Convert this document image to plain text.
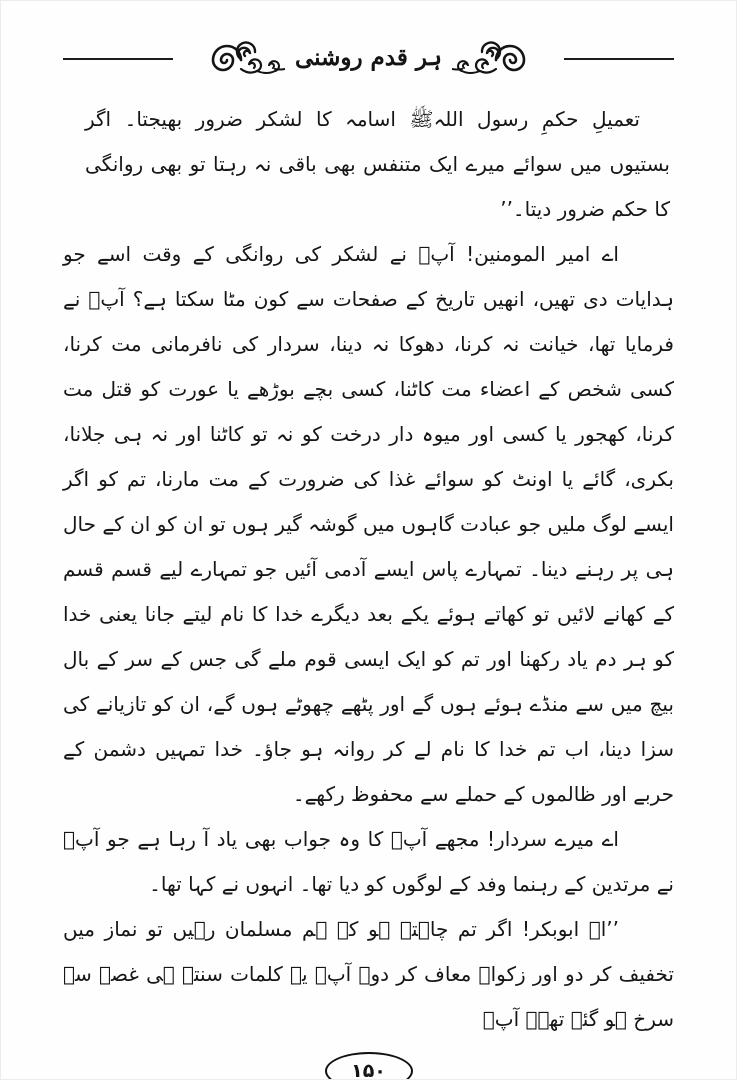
ہر قدم روشنی

تعمیلِ حکمِ رسول اللہﷺ اسامہ کا لشکر ضرور بھیجتا۔ اگر بستیوں میں سوائے میرے ایک متنفس بھی باقی نہ رہتا تو بھی روانگی کا حکم ضرور دیتا۔’’

اے امیر المومنین! آپؓ نے لشکر کی روانگی کے وقت اسے جو ہدایات دی تھیں، انھیں تاریخ کے صفحات سے کون مٹا سکتا ہے؟ آپؓ نے فرمایا تھا، خیانت نہ کرنا، دھوکا نہ دینا، سردار کی نافرمانی مت کرنا، کسی شخص کے اعضاء مت کاٹنا، کسی بچے بوڑھے یا عورت کو قتل مت کرنا، کھجور یا کسی اور میوہ دار درخت کو نہ تو کاٹنا اور نہ ہی جلانا، بکری، گائے یا اونٹ کو سوائے غذا کی ضرورت کے مت مارنا، تم کو اگر ایسے لوگ ملیں جو عبادت گاہوں میں گوشہ گیر ہوں تو ان کو ان کے حال ہی پر رہنے دینا۔ تمہارے پاس ایسے آدمی آئیں جو تمہارے لیے قسم قسم کے کھانے لائیں تو کھاتے ہوئے یکے بعد دیگرے خدا کا نام لیتے جانا یعنی خدا کو ہر دم یاد رکھنا اور تم کو ایک ایسی قوم ملے گی جس کے سر کے بال بیچ میں سے منڈے ہوئے ہوں گے اور پٹھے چھوٹے ہوں گے، ان کو تازیانے کی سزا دینا، اب تم خدا کا نام لے کر روانہ ہو جاؤ۔ خدا تمہیں دشمن کے حربے اور ظالموں کے حملے سے محفوظ رکھے۔

اے میرے سردار! مجھے آپؓ کا وہ جواب بھی یاد آ رہا ہے جو آپؓ نے مرتدین کے رہنما وفد کے لوگوں کو دیا تھا۔ انہوں نے کہا تھا۔

’’اے ابوبکر! اگر تم چاہتے ہو کہ ہم مسلمان رہیں تو نماز میں تخفیف کر دو اور زکواۃ معاف کر دو۔ آپؓ یہ کلمات سنتے ہی غصے سے سرخ ہو گئے تھے۔ آپؓ

۱۵۰
